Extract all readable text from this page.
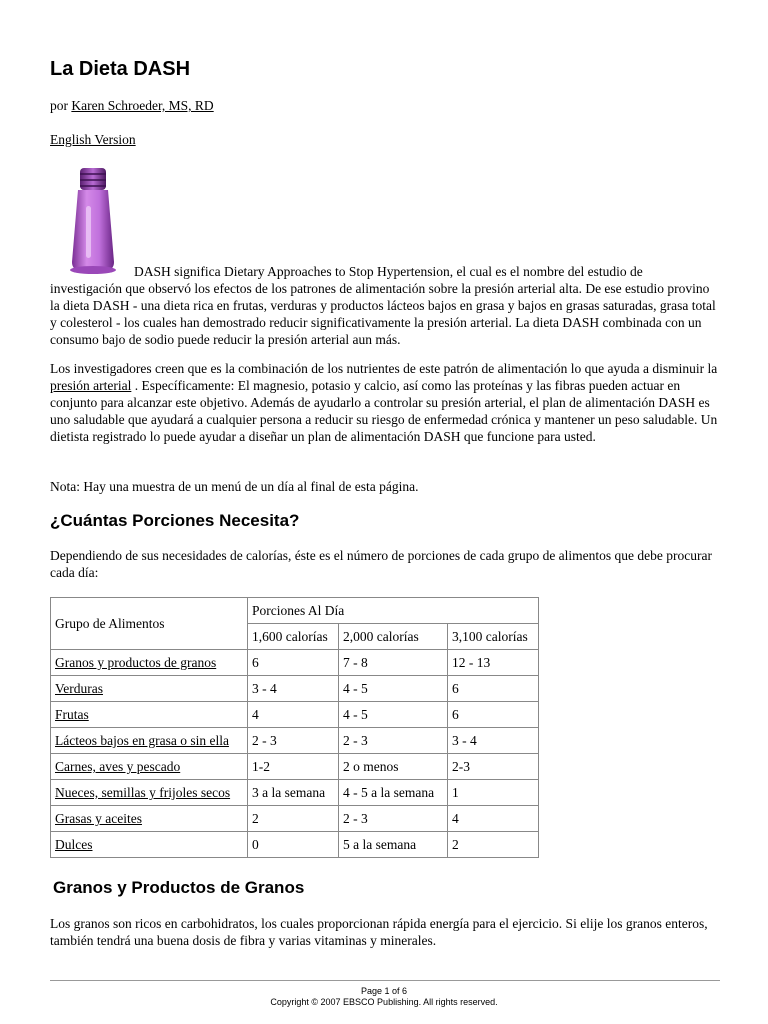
La Dieta DASH

por Karen Schroeder, MS, RD

English Version

DASH significa Dietary Approaches to Stop Hypertension, el cual es el nombre del estudio de investigación que observó los efectos de los patrones de alimentación sobre la presión arterial alta. De ese estudio provino la dieta DASH - una dieta rica en frutas, verduras y productos lácteos bajos en grasa y bajos en grasas saturadas, grasa total y colesterol - los cuales han demostrado reducir significativamente la presión arterial. La dieta DASH combinada con un consumo bajo de sodio puede reducir la presión arterial aun más.

Los investigadores creen que es la combinación de los nutrientes de este patrón de alimentación lo que ayuda a disminuir la presión arterial . Específicamente: El magnesio, potasio y calcio, así como las proteínas y las fibras pueden actuar en conjunto para alcanzar este objetivo. Además de ayudarlo a controlar su presión arterial, el plan de alimentación DASH es uno saludable que ayudará a cualquier persona a reducir su riesgo de enfermedad crónica y mantener un peso saludable. Un dietista registrado lo puede ayudar a diseñar un plan de alimentación DASH que funcione para usted.

Nota: Hay una muestra de un menú de un día al final de esta página.

¿Cuántas Porciones Necesita?

Dependiendo de sus necesidades de calorías, éste es el número de porciones de cada grupo de alimentos que debe procurar cada día:

Grupo de Alimentos	Porciones Al Día		
	1,600 calorías	2,000 calorías	3,100 calorías
Granos y productos de granos	6	7 - 8	12 - 13
Verduras	3 - 4	4 - 5	6
Frutas	4	4 - 5	6
Lácteos bajos en grasa o sin ella	2 - 3	2 - 3	3 - 4
Carnes, aves y pescado	1-2	2 o menos	2-3
Nueces, semillas y frijoles secos	3 a la semana	4 - 5 a la semana	1
Grasas y aceites	2	2 - 3	4
Dulces	0	5 a la semana	2
Granos y Productos de Granos

Los granos son ricos en carbohidratos, los cuales proporcionan rápida energía para el ejercicio. Si elije los granos enteros, también tendrá una buena dosis de fibra y varias vitaminas y minerales.

Page 1 of 6
Copyright © 2007 EBSCO Publishing. All rights reserved.
